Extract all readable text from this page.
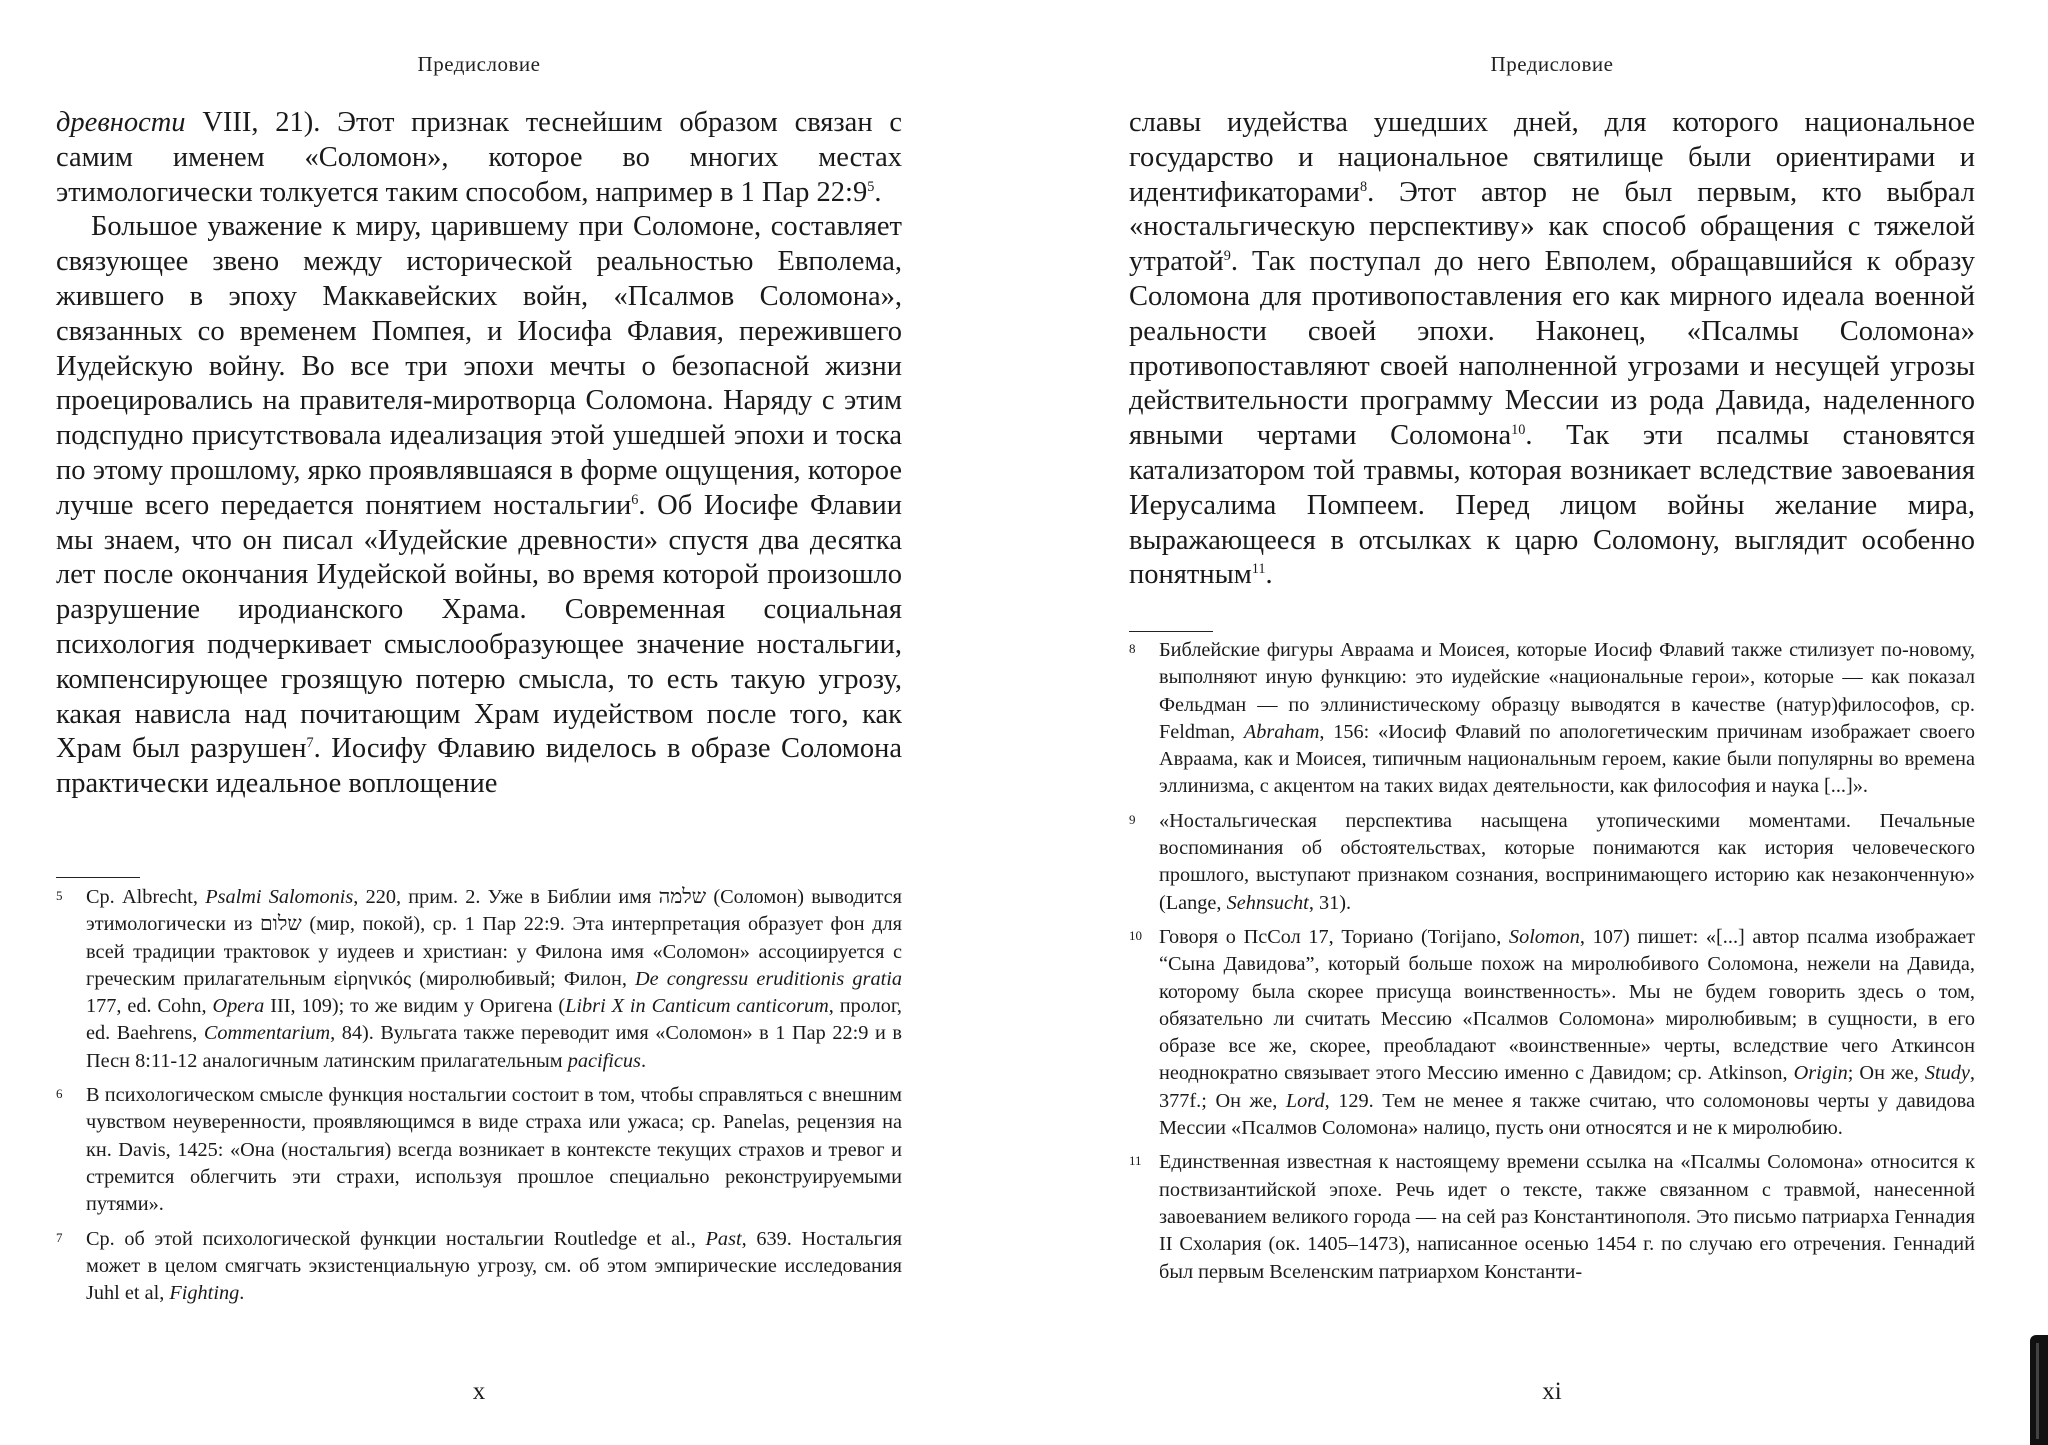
Предисловие

древности VIII, 21). Этот признак теснейшим образом связан с самим именем «Соломон», которое во многих местах этимологически толкуется таким способом, например в 1 Пар $22:9^5$.

Большое уважение к миру, царившему при Соломоне, составляет связующее звено между исторической реальностью Евполема, жившего в эпоху Маккавейских войн, «Псалмов Соломона», связанных со временем Помпея, и Иосифа Флавия, пережившего Иудейскую войну. Во все три эпохи мечты о безопасной жизни проецировались на правителя-миротворца Соломона. Наряду с этим подспудно присутствовала идеализация этой ушедшей эпохи и тоска по этому прошлому, ярко проявлявшаяся в форме ощущения, которое лучше всего передается понятием ностальгии$^6$. Об Иосифе Флавии мы знаем, что он писал «Иудейские древности» спустя два десятка лет после окончания Иудейской войны, во время которой произошло разрушение иродианского Храма. Современная социальная психология подчеркивает смыслообразующее значение ностальгии, компенсирующее грозящую потерю смысла, то есть такую угрозу, какая нависла над почитающим Храм иудейством после того, как Храм был разрушен$^7$. Иосифу Флавию виделось в образе Соломона практически идеальное воплощение

5 Ср. Albrecht, Psalmi Salomonis, 220, прим. 2. Уже в Библии имя שלמה (Соломон) выводится этимологически из שלום (мир, покой), ср. 1 Пар 22:9. Эта интерпретация образует фон для всей традиции трактовок у иудеев и христиан: у Филона имя «Соломон» ассоциируется с греческим прилагательным εἰρηνικός (миролюбивый; Филон, De congressu eruditionis gratia 177, ed. Cohn, Opera III, 109); то же видим у Оригена (Libri X in Canticum canticorum, пролог, ed. Baehrens, Commentarium, 84). Вульгата также переводит имя «Соломон» в 1 Пар 22:9 и в Песн 8:11-12 аналогичным латинским прилагательным pacificus.
6 В психологическом смысле функция ностальгии состоит в том, чтобы справляться с внешним чувством неуверенности, проявляющимся в виде страха или ужаса; ср. Panelas, рецензия на кн. Davis, 1425: «Она (ностальгия) всегда возникает в контексте текущих страхов и тревог и стремится облегчить эти страхи, используя прошлое специально реконструируемыми путями».
7 Ср. об этой психологической функции ностальгии Routledge et al., Past, 639. Ностальгия может в целом смягчать экзистенциальную угрозу, см. об этом эмпирические исследования Juhl et al, Fighting.
x
Предисловие

славы иудейства ушедших дней, для которого национальное государство и национальное святилище были ориентирами и идентификаторами$^8$. Этот автор не был первым, кто выбрал «ностальгическую перспективу» как способ обращения с тяжелой утратой$^9$. Так поступал до него Евполем, обращавшийся к образу Соломона для противопоставления его как мирного идеала военной реальности своей эпохи. Наконец, «Псалмы Соломона» противопоставляют своей наполненной угрозами и несущей угрозы действительности программу Мессии из рода Давида, наделенного явными чертами Соломона$^{10}$. Так эти псалмы становятся катализатором той травмы, которая возникает вследствие завоевания Иерусалима Помпеем. Перед лицом войны желание мира, выражающееся в отсылках к царю Соломону, выглядит особенно понятным$^{11}$.

8 Библейские фигуры Авраама и Моисея, которые Иосиф Флавий также стилизует по-новому, выполняют иную функцию: это иудейские «национальные герои», которые — как показал Фельдман — по эллинистическому образцу выводятся в качестве (натур)философов, ср. Feldman, Abraham, 156: «Иосиф Флавий по апологетическим причинам изображает своего Авраама, как и Моисея, типичным национальным героем, какие были популярны во времена эллинизма, с акцентом на таких видах деятельности, как философия и наука [...]».
9 «Ностальгическая перспектива насыщена утопическими моментами. Печальные воспоминания об обстоятельствах, которые понимаются как история человеческого прошлого, выступают признаком сознания, воспринимающего историю как незаконченную» (Lange, Sehnsucht, 31).
10 Говоря о ПсСол 17, Ториано (Torijano, Solomon, 107) пишет: «[...] автор псалма изображает “Сына Давидова”, который больше похож на миролюбивого Соломона, нежели на Давида, которому была скорее присуща воинственность». Мы не будем говорить здесь о том, обязательно ли считать Мессию «Псалмов Соломона» миролюбивым; в сущности, в его образе все же, скорее, преобладают «воинственные» черты, вследствие чего Аткинсон неоднократно связывает этого Мессию именно с Давидом; ср. Atkinson, Origin; Он же, Study, 377f.; Он же, Lord, 129. Тем не менее я также считаю, что соломоновы черты у давидова Мессии «Псалмов Соломона» налицо, пусть они относятся и не к миролюбию.
11 Единственная известная к настоящему времени ссылка на «Псалмы Соломона» относится к поствизантийской эпохе. Речь идет о тексте, также связанном с травмой, нанесенной завоеванием великого города — на сей раз Константинополя. Это письмо патриарха Геннадия II Схолария (ок. 1405–1473), написанное осенью 1454 г. по случаю его отречения. Геннадий был первым Вселенским патриархом Константи-
xi
